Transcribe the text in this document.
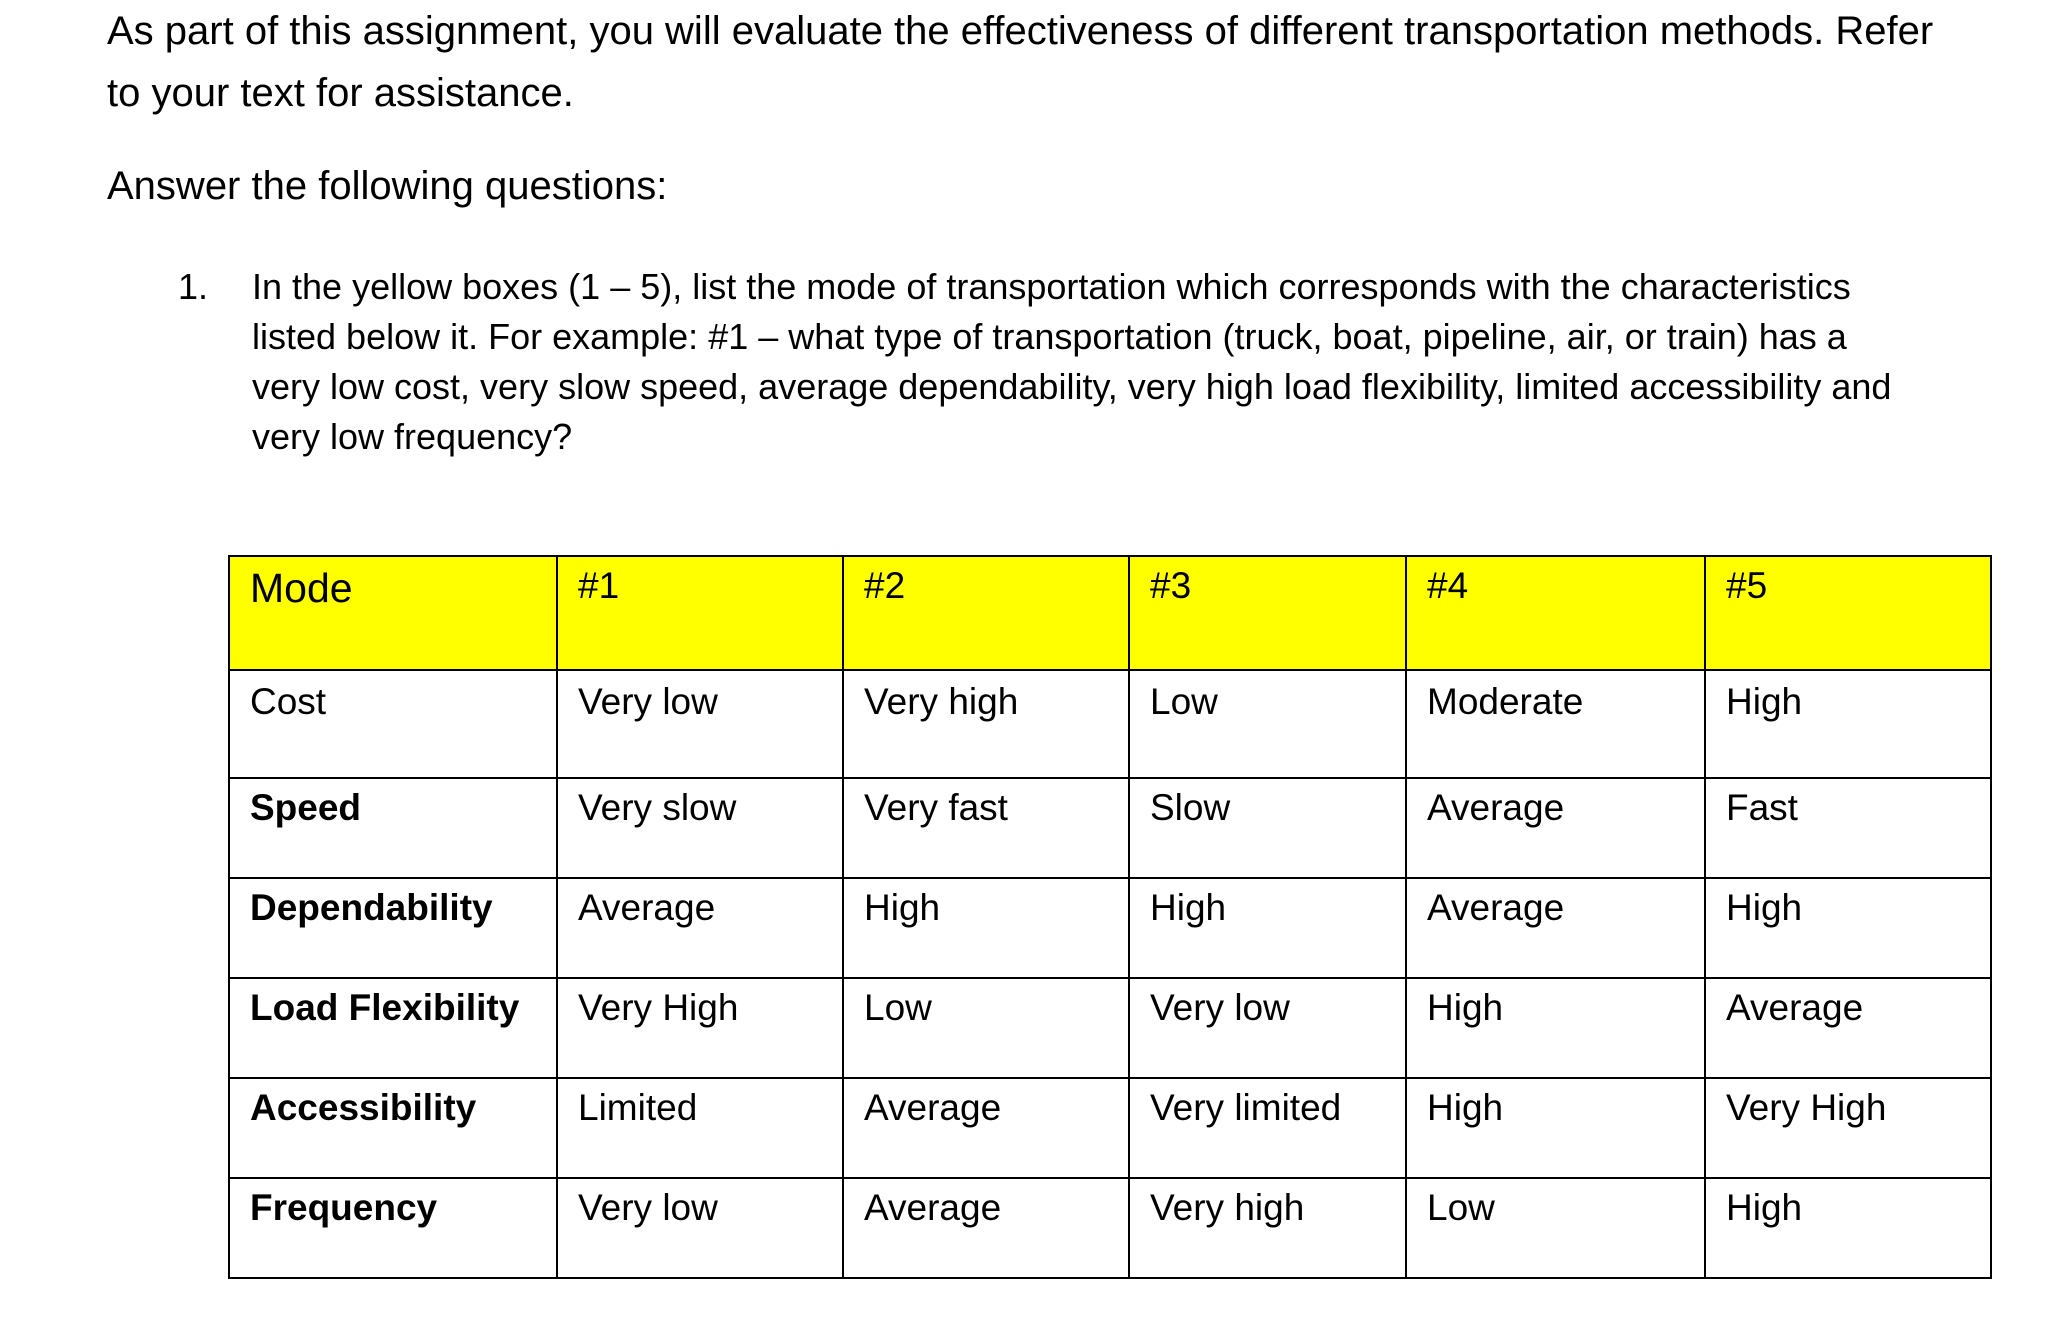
As part of this assignment, you will evaluate the effectiveness of different transportation methods. Refer
to your text for assistance.
Answer the following questions:
1. In the yellow boxes (1 – 5), list the mode of transportation which corresponds with the characteristics
listed below it. For example: #1 – what type of transportation (truck, boat, pipeline, air, or train) has a
very low cost, very slow speed, average dependability, very high load flexibility, limited accessibility and
very low frequency?
Mode	#1	#2	#3	#4	#5
Cost	Very low	Very high	Low	Moderate	High
Speed	Very slow	Very fast	Slow	Average	Fast
Dependability	Average	High	High	Average	High
Load Flexibility	Very High	Low	Very low	High	Average
Accessibility	Limited	Average	Very limited	High	Very High
Frequency	Very low	Average	Very high	Low	High
